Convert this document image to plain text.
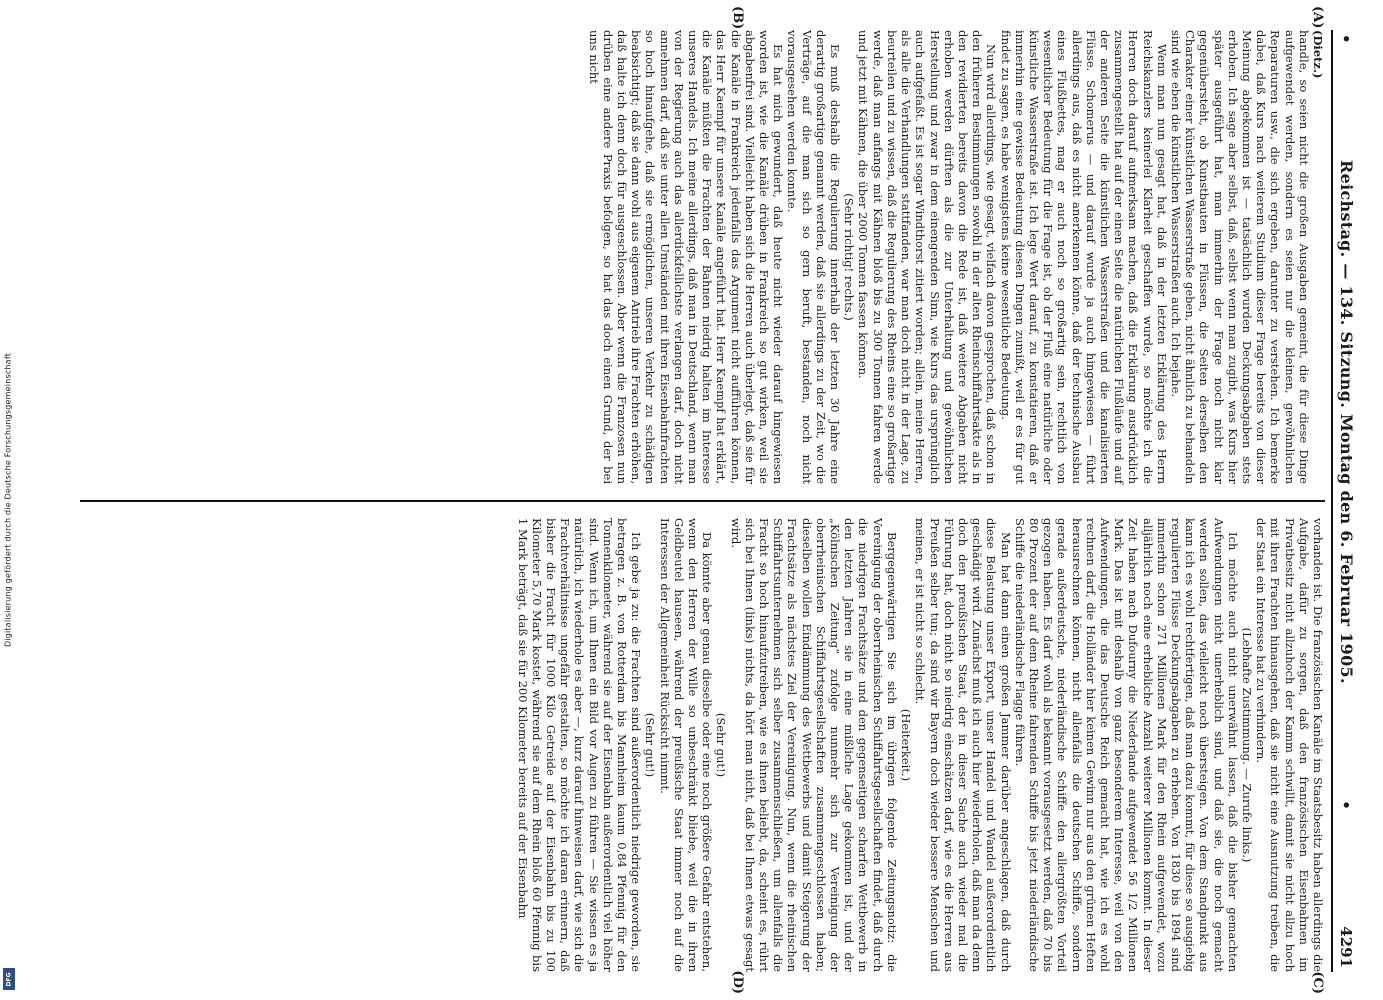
Digitalisierung gefördert durch die Deutsche Forschungsgemeinschaft
DFG
•
Reichstag. — 134. Sitzung. Montag den 6. Februar 1905.
•
4291
(A)
(B)

(Dietz.)

handle, so seien nicht die großen Ausgaben gemeint, die für diese Dinge aufgewendet werden, sondern es seien nur die kleinen, gewöhnlichen Reparaturen usw., die sich ergeben, darunter zu verstehen. Ich bemerke dabei, daß Kurs nach weiterem Studium dieser Frage bereits von dieser Meinung abgekommen ist — tatsächlich wurden Deckungsabgaben stets erhoben. Ich sage aber selbst, daß, selbst wenn man zugibt, was Kurs hier später ausgeführt hat, man immerhin der Frage noch nicht klar gegenübersteht, ob Kunstbauten in Flüssen, die Seiten derselben den Charakter einer künstlichen Wasserstraße geben, nicht ähnlich zu behandeln sind wie eben die künstlichen Wasserstraßen auch. Ich bejahe.

Wenn man nun gesagt hat, daß in der letzten Erklärung des Herrn Reichskanzlers keinerlei Klarheit geschaffen wurde, so möchte ich die Herren doch darauf aufmerksam machen, daß die Erklärung ausdrücklich zusammengestellt hat auf der einen Seite die natürlichen Flußläufe und auf der anderen Seite die künstlichen Wasserstraßen und die kanalisierten Flüsse. Schomerus — und darauf wurde ja auch hingewiesen — führt allerdings aus, daß es nicht anerkennen könne, daß der technische Ausbau eines Flußbettes, mag er auch noch so großartig sein, rechtlich von wesentlicher Bedeutung für die Frage ist, ob der Fluß eine natürliche oder künstliche Wasserstraße ist. Ich lege Wert darauf, zu konstatieren, daß er immerhin eine gewisse Bedeutung diesen Dingen zumißt, weil er es für gut findet zu sagen, es habe wenigstens keine wesentliche Bedeutung.

Nun wird allerdings, wie gesagt, vielfach davon gesprochen, daß schon in den früheren Bestimmungen sowohl in der alten Rheinschiffahrtsakte als in den revidierten bereits davon die Rede ist, daß weitere Abgaben nicht erhoben werden dürften als die zur Unterhaltung und gewöhnlichen Herstellung und zwar in dem einengenden Sinn, wie Kurs das ursprünglich auch aufgefaßt. Es ist sogar Windthorst zitiert worden; allein, meine Herren, als alle die Verhandlungen stattfanden, war man doch nicht in der Lage, zu beurteilen und zu wissen, daß die Regulierung des Rheins eine so großartige werde, daß man anfangs mit Kähnen bloß bis zu 300 Tonnen fahren werde und jetzt mit Kähnen, die über 2000 Tonnen fassen können.

(Sehr richtig! rechts.)

Es muß deshalb die Regulierung innerhalb der letzten 30 Jahre eine derartig großartige genannt werden, daß sie allerdings zu der Zeit, wo die Verträge, auf die man sich so gern beruft, bestanden, noch nicht vorausgesehen werden konnte.

Es hat mich gewundert, daß heute nicht wieder darauf hingewiesen worden ist, wie die Kanäle drüben in Frankreich so gut wirken, weil sie abgabenfrei sind. Vielleicht haben sich die Herren auch überlegt, daß sie für die Kanäle in Frankreich jedenfalls das Argument nicht aufführen können, das Herr Kaempf für unsere Kanäle angeführt hat. Herr Kaempf hat erklärt, die Kanäle müßten die Frachten der Bahnen niedrig halten im Interesse unseres Handels. Ich meine allerdings, daß man in Deutschland, wenn man von der Regierung auch das allerdickfellichste verlangen darf, doch nicht annehmen darf, daß sie unter allen Umständen mit ihren Eisenbahnfrachten so hoch hinaufgehe, daß sie ermöglichen, unseren Verkehr zu schädigen beabsichtigt; daß sie dann wohl aus eigenem Antrieb ihre Frachten erhöhen, daß halte ich denn doch für ausgeschlossen. Aber wenn die Franzosen nun drüben eine andere Praxis befolgen, so hat das doch einen Grund, der bei uns nicht

vorhanden ist. Die französischen Kanäle im Staatsbesitz haben allerdings die Aufgabe, dafür zu sorgen, daß den französischen Eisenbahnen im Privatbesitz nicht allzuhoch der Kamm schwillt, damit sie nicht allzu hoch mit ihren Frachten hinausgehen, daß sie nicht eine Ausnutzung treiben, die der Staat ein Interesse hat zu verhindern.

(Lebhafte Zustimmung. — Zurufe links.)

Ich möchte auch nicht unerwähnt lassen, daß die bisher gemachten Aufwendungen nicht unerheblich sind, und daß sie, die noch gemacht werden sollen, das vielleicht noch übersteigen. Von dem Standpunkt aus kann ich es wohl rechtfertigen, daß man dazu kommt, für diese so ausgiebig regulierten Flüsse Deckungsabgaben zu erheben. Von 1830 bis 1894 sind immerhin schon 271 Millionen Mark für den Rhein aufgewendet, wozu alljährlich noch eine erhebliche Anzahl weiterer Millionen kommt. In dieser Zeit haben nach Dufourny die Niederlande aufgewendet 56 1/2 Millionen Mark. Das ist mit deshalb von ganz besonderem Interesse, weil von den Aufwendungen, die das Deutsche Reich gemacht hat, wie ich es wohl rechnen darf, die Holländer hier keinen Gewinn nur aus den grünen Heften herausrechnen können, nicht allenfalls die deutschen Schiffe, sondern gerade außerdeutsche, niederländische Schiffe den allergrößten Vorteil gezogen haben. Es darf wohl als bekannt vorausgesetzt werden, daß 70 bis 80 Prozent der auf dem Rheine fahrenden Schiffe bis jetzt niederländische Schiffe die niederländische Flagge führen.

Man hat dann einen großen Jammer darüber angeschlagen, daß durch diese Belastung unser Export, unser Handel und Wandel außerordentlich geschädigt wird. Zunächst muß ich auch hier wiederholen, daß man da denn doch den preußischen Staat, der in dieser Sache auch wieder mal die Führung hat, doch nicht so niedrig einschätzen darf, wie es die Herren aus Preußen selber tun; da sind wir Bayern doch wieder bessere Menschen und meinen, er ist nicht so schlecht.

(Heiterkeit.)

Bergegenwärtigen Sie sich im übrigen folgende Zeitungsnotiz: die Vereinigung der oberrheinischen Schiffahrtsgesellschaften findet, daß durch die niedrigen Frachtsätze und den gegenseitigen scharfen Wettbewerb in den letzten Jahren sie in eine mißliche Lage gekommen ist, und der „Kölnischen Zeitung“ zufolge nunmehr sich zur Vereinigung der oberrheinischen Schiffahrtsgesellschaften zusammengeschlossen haben; dieselben wollen Eindämmung des Wettbewerbs und damit Steigerung der Frachtsätze als nächstes Ziel der Vereinigung. Nun, wenn die rheinischen Schiffahrtsunternehmen sich selber zusammenschließen, um allenfalls die Fracht so hoch hinaufzutreiben, wie es ihnen beliebt, da, scheint es, rührt sich bei Ihnen (links) nichts, da hört man nicht, daß bei Ihnen etwas gesagt wird.

(Sehr gut!)

Da könnte aber genau dieselbe oder eine noch größere Gefahr entstehen, wenn den Herren der Wille so unbeschränkt bliebe, weil die in ihren Geldbeutel hauseen, während der preußische Staat immer noch auf die Interessen der Allgemeinheit Rücksicht nimmt.

(Sehr gut!)

Ich gebe ja zu: die Frachten sind außerordentlich niedrige geworden, sie betragen z. B. von Rotterdam bis Mannheim kaum 0,84 Pfennig für den Tonnenkilometer, während sie auf der Eisenbahn außerordentlich viel höher sind. Wenn ich, um Ihnen ein Bild vor Augen zu führen — Sie wissen es ja natürlich, ich wiederhole es aber —, kurz darauf hinweisen darf, wie sich die Frachtverhältnisse ungefähr gestalten, so möchte ich daran erinnern, daß bisher die Fracht für 1000 Kilo Getreide auf der Eisenbahn bis zu 100 Kilometer 5,70 Mark kostet, während sie auf dem Rhein bloß 60 Pfennig bis 1 Mark beträgt, daß sie für 200 Kilometer bereits auf der Eisenbahn

(C)
(D)
